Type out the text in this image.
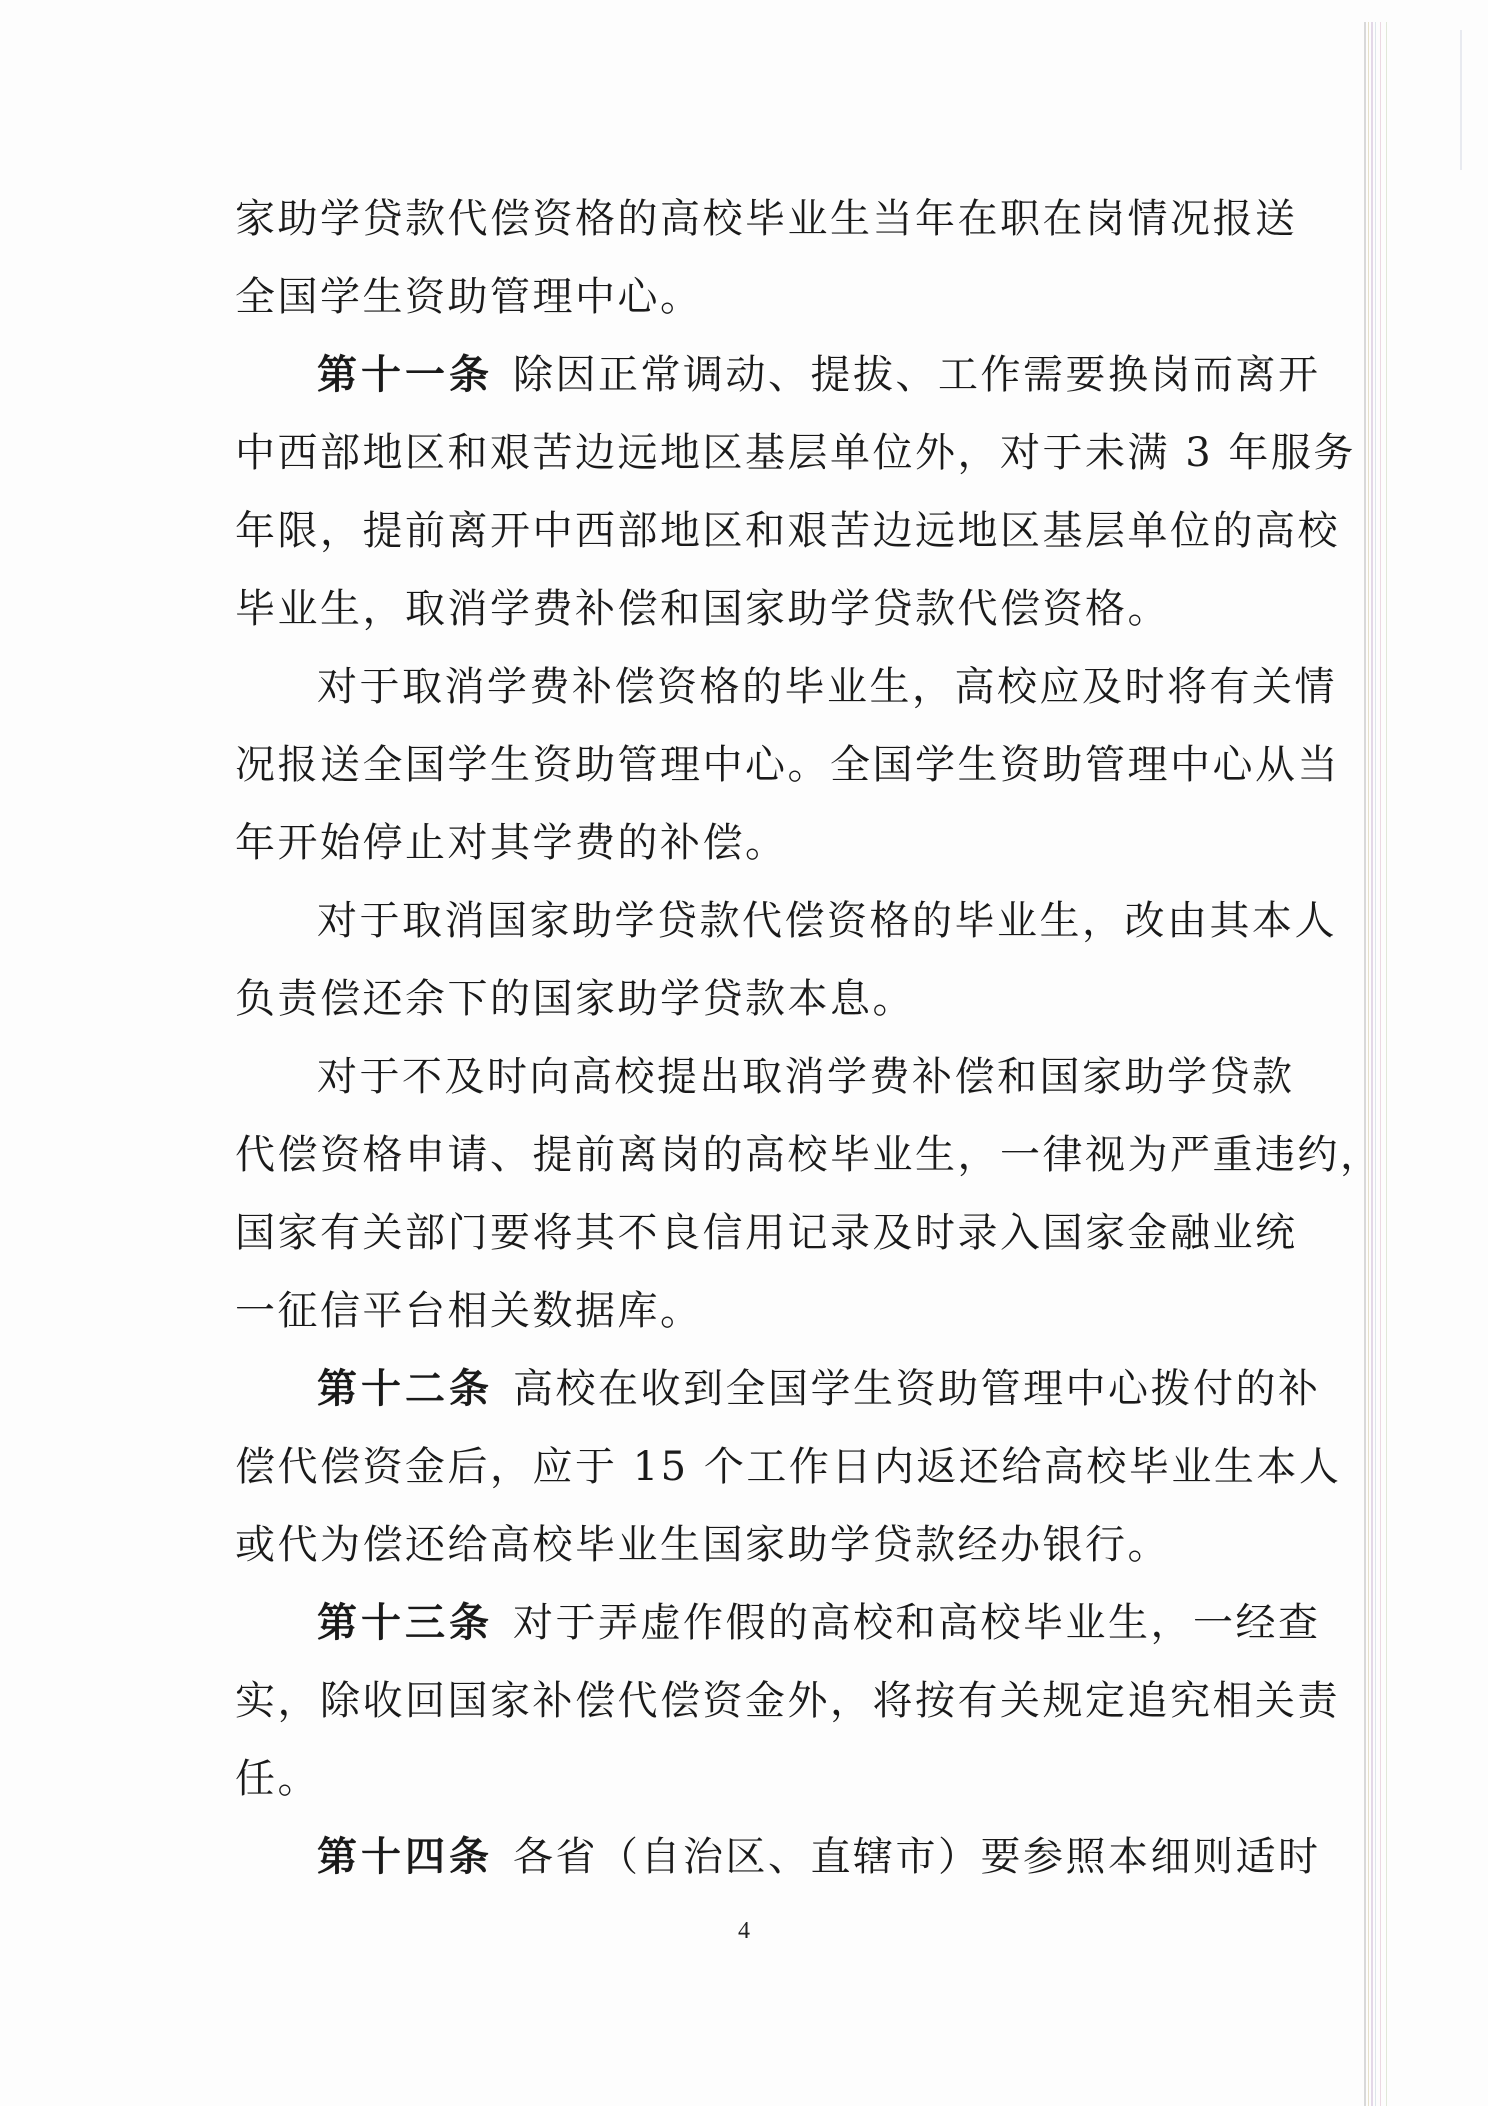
家助学贷款代偿资格的高校毕业生当年在职在岗情况报送
全国学生资助管理中心。
第十一条 除因正常调动、提拔、工作需要换岗而离开
中西部地区和艰苦边远地区基层单位外，对于未满 3 年服务
年限，提前离开中西部地区和艰苦边远地区基层单位的高校
毕业生，取消学费补偿和国家助学贷款代偿资格。
对于取消学费补偿资格的毕业生，高校应及时将有关情
况报送全国学生资助管理中心。全国学生资助管理中心从当
年开始停止对其学费的补偿。
对于取消国家助学贷款代偿资格的毕业生，改由其本人
负责偿还余下的国家助学贷款本息。
对于不及时向高校提出取消学费补偿和国家助学贷款
代偿资格申请、提前离岗的高校毕业生，一律视为严重违约，
国家有关部门要将其不良信用记录及时录入国家金融业统
一征信平台相关数据库。
第十二条 高校在收到全国学生资助管理中心拨付的补
偿代偿资金后，应于 15 个工作日内返还给高校毕业生本人
或代为偿还给高校毕业生国家助学贷款经办银行。
第十三条 对于弄虚作假的高校和高校毕业生，一经查
实，除收回国家补偿代偿资金外，将按有关规定追究相关责
任。
第十四条 各省（自治区、直辖市）要参照本细则适时
4
